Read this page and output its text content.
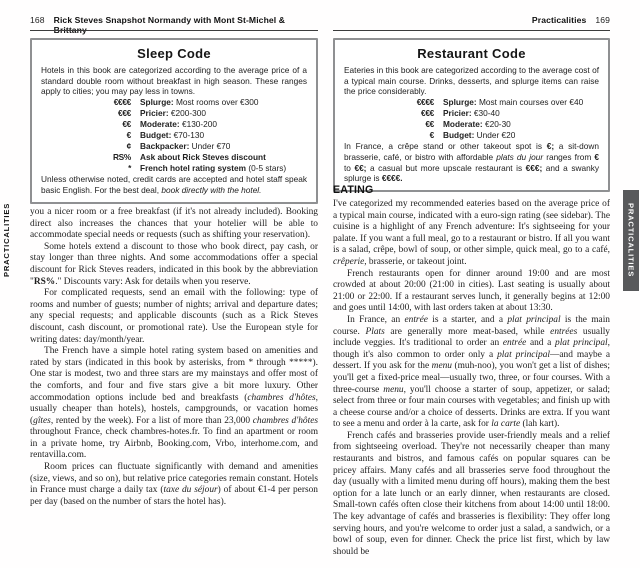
168 Rick Steves Snapshot Normandy with Mont St-Michel & Brittany
Sleep Code
Hotels in this book are categorized according to the average price of a standard double room without breakfast in high season. These ranges apply to cities; you may pay less in towns.
€€€€ Splurge: Most rooms over €300
€€€ Pricier: €200-300
€€ Moderate: €130-200
€ Budget: €70-130
¢ Backpacker: Under €70
RS% Ask about Rick Steves discount
* French hotel rating system (0-5 stars)
Unless otherwise noted, credit cards are accepted and hotel staff speak basic English. For the best deal, book directly with the hotel.

you a nicer room or a free breakfast (if it's not already included). Booking direct also increases the chances that your hotelier will be able to accommodate special needs or requests (such as shifting your reservation).

Some hotels extend a discount to those who book direct, pay cash, or stay longer than three nights. And some accommodations offer a special discount for Rick Steves readers, indicated in this book by the abbreviation "RS%." Discounts vary: Ask for details when you reserve.

For complicated requests, send an email with the following: type of rooms and number of guests; number of nights; arrival and departure dates; any special requests; and applicable discounts (such as a Rick Steves discount, cash discount, or promotional rate). Use the European style for writing dates: day/month/year.

The French have a simple hotel rating system based on amenities and rated by stars (indicated in this book by asterisks, from * through *****). One star is modest, two and three stars are my mainstays and offer most of the comforts, and four and five stars give a bit more luxury. Other accommodation options include bed and breakfasts (chambres d'hôtes, usually cheaper than hotels), hostels, campgrounds, or vacation homes (gîtes, rented by the week). For a list of more than 23,000 chambres d'hôtes throughout France, check chambres-hotes.fr. To find an apartment or room in a private home, try Airbnb, Booking.com, Vrbo, interhome.com, and rentavilla.com.

Room prices can fluctuate significantly with demand and amenities (size, views, and so on), but relative price categories remain constant. Hotels in France must charge a daily tax (taxe du séjour) of about €1-4 per person per day (based on the number of stars the hotel has).

Practicalities 169
Restaurant Code
Eateries in this book are categorized according to the average cost of a typical main course. Drinks, desserts, and splurge items can raise the price considerably.
€€€€ Splurge: Most main courses over €40
€€€ Pricier: €30-40
€€ Moderate: €20-30
€ Budget: Under €20
In France, a crêpe stand or other takeout spot is €; a sit-down brasserie, café, or bistro with affordable plats du jour ranges from € to €€; a casual but more upscale restaurant is €€€; and a swanky splurge is €€€€.
EATING

I've categorized my recommended eateries based on the average price of a typical main course, indicated with a euro-sign rating (see sidebar). The cuisine is a highlight of any French adventure: It's sightseeing for your palate. If you want a full meal, go to a restaurant or bistro. If all you want is a salad, crêpe, bowl of soup, or other simple, quick meal, go to a café, crêperie, brasserie, or takeout joint.

French restaurants open for dinner around 19:00 and are most crowded at about 20:00 (21:00 in cities). Last seating is usually about 21:00 or 22:00. If a restaurant serves lunch, it generally begins at 12:00 and goes until 14:00, with last orders taken at about 13:30.

In France, an entrée is a starter, and a plat principal is the main course. Plats are generally more meat-based, while entrées usually include veggies. It's traditional to order an entrée and a plat principal, though it's also common to order only a plat principal—and maybe a dessert. If you ask for the menu (muh-noo), you won't get a list of dishes; you'll get a fixed-price meal—usually two, three, or four courses. With a three-course menu, you'll choose a starter of soup, appetizer, or salad; select from three or four main courses with vegetables; and finish up with a cheese course and/or a choice of desserts. Drinks are extra. If you want to see a menu and order à la carte, ask for la carte (lah kart).

French cafés and brasseries provide user-friendly meals and a relief from sightseeing overload. They're not necessarily cheaper than many restaurants and bistros, and famous cafés on popular squares can be pricey affairs. Many cafés and all brasseries serve food throughout the day (usually with a limited menu during off hours), making them the best option for a late lunch or an early dinner, when restaurants are closed. Small-town cafés often close their kitchens from about 14:00 until 18:00. The key advantage of cafés and brasseries is flexibility: They offer long serving hours, and you're welcome to order just a salad, a sandwich, or a bowl of soup, even for dinner. Check the price list first, which by law should be

PRACTICALITIES	PRACTICALITIES
